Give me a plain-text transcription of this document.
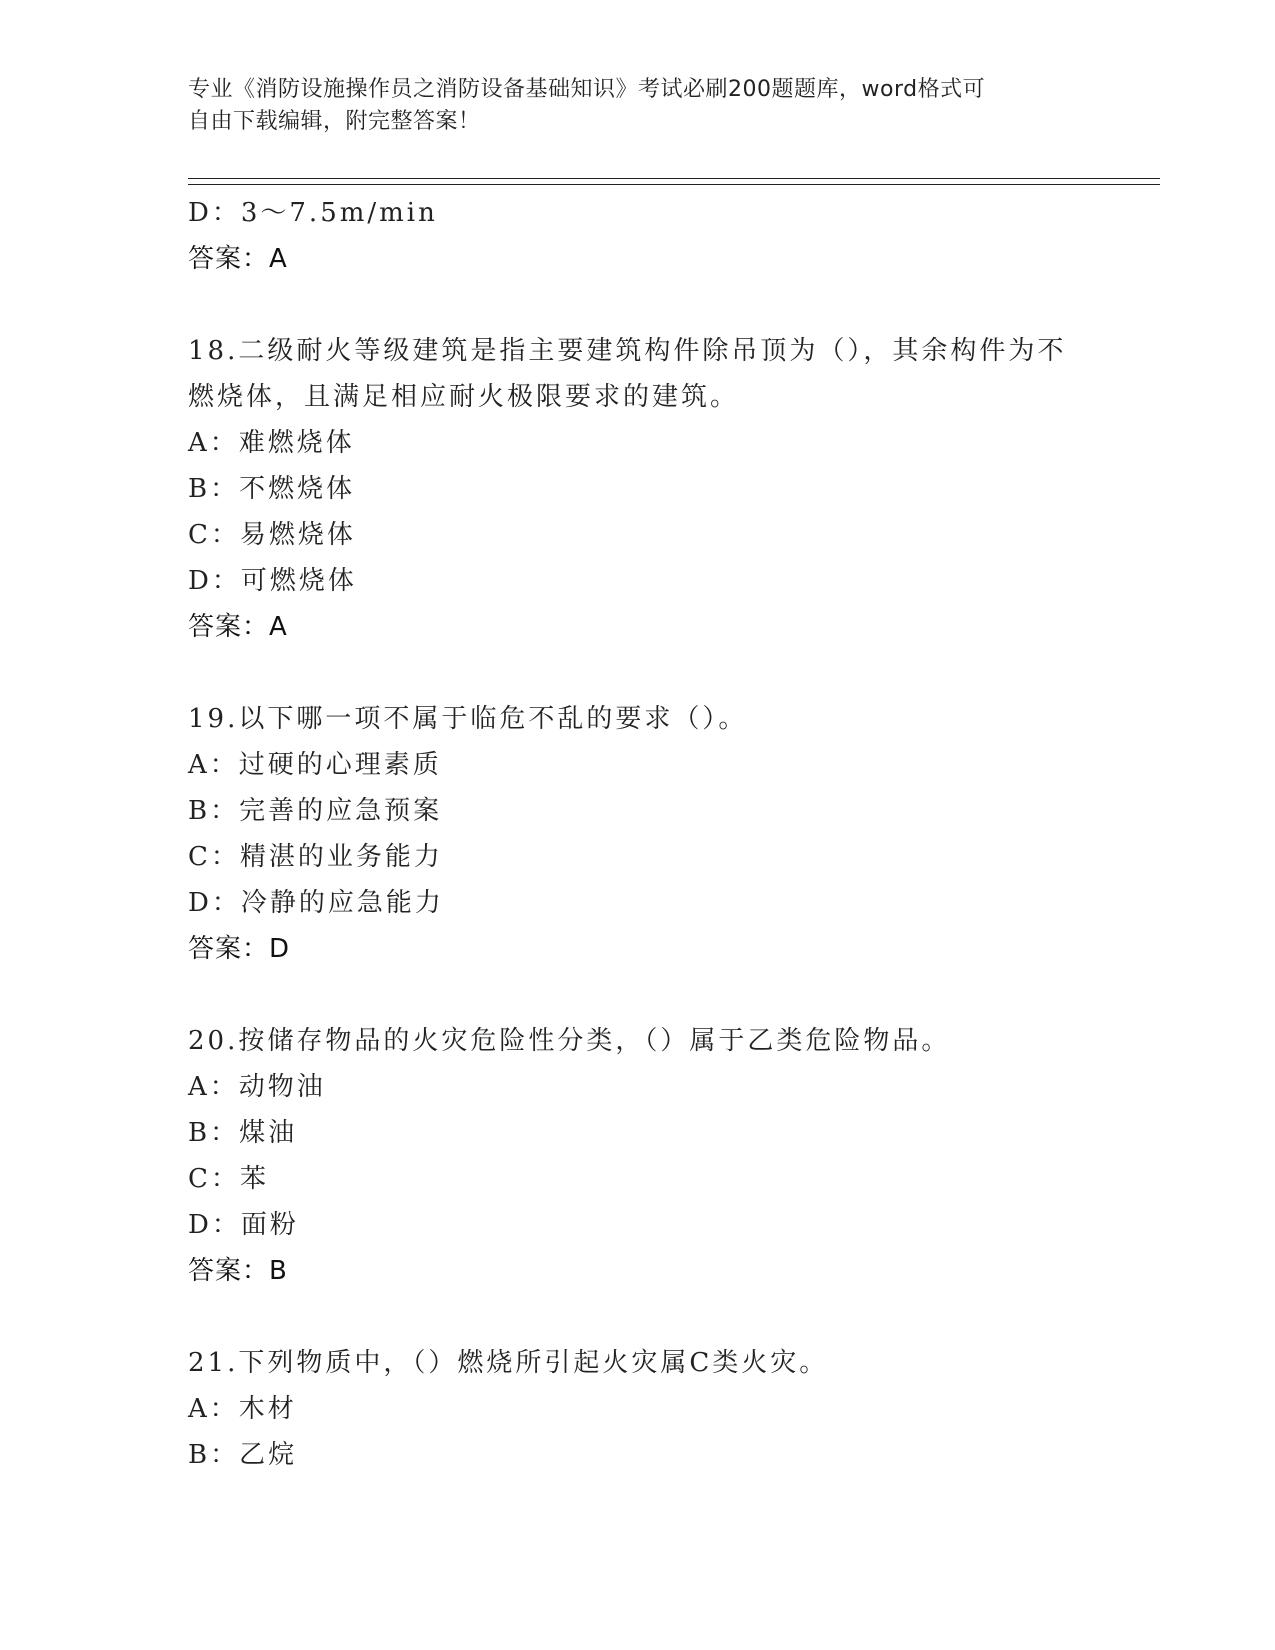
专业《消防设施操作员之消防设备基础知识》考试必刷200题题库，word格式可
自由下载编辑，附完整答案！
D：3～7.5m/min
答案：A
18.二级耐火等级建筑是指主要建筑构件除吊顶为（），其余构件为不
燃烧体，且满足相应耐火极限要求的建筑。
A：难燃烧体
B：不燃烧体
C：易燃烧体
D：可燃烧体
答案：A
19.以下哪一项不属于临危不乱的要求（）。
A：过硬的心理素质
B：完善的应急预案
C：精湛的业务能力
D：冷静的应急能力
答案：D
20.按储存物品的火灾危险性分类，（）属于乙类危险物品。
A：动物油
B：煤油
C：苯
D：面粉
答案：B
21.下列物质中，（）燃烧所引起火灾属C类火灾。
A：木材
B：乙烷
